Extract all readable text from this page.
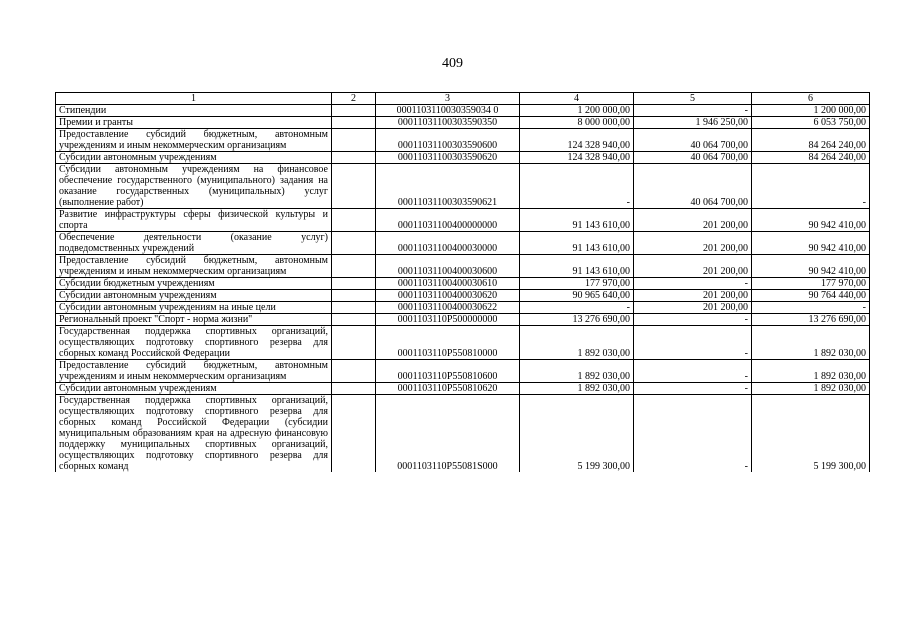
409
1	2	3	4	5	6
Стипендии		0001103110030359034 0	1 200 000,00	-	1 200 000,00
Премии и гранты		00011031100303590350	8 000 000,00	1 946 250,00	6 053 750,00
Предоставление субсидий бюджетным, автономным учреждениям и иным некоммерческим организациям		00011031100303590600	124 328 940,00	40 064 700,00	84 264 240,00
Субсидии автономным учреждениям		00011031100303590620	124 328 940,00	40 064 700,00	84 264 240,00
Субсидии автономным учреждениям на финансовое обеспечение государственного (муниципального) задания на оказание государственных (муниципальных) услуг (выполнение работ)		00011031100303590621	-	40 064 700,00	-
Развитие инфраструктуры сферы физической культуры и спорта		00011031100400000000	91 143 610,00	201 200,00	90 942 410,00
Обеспечение деятельности (оказание услуг) подведомственных учреждений		00011031100400030000	91 143 610,00	201 200,00	90 942 410,00
Предоставление субсидий бюджетным, автономным учреждениям и иным некоммерческим организациям		00011031100400030600	91 143 610,00	201 200,00	90 942 410,00
Субсидии бюджетным учреждениям		00011031100400030610	177 970,00	-	177 970,00
Субсидии автономным учреждениям		00011031100400030620	90 965 640,00	201 200,00	90 764 440,00
Субсидии автономным учреждениям на иные цели		00011031100400030622	-	201 200,00	-
Региональный проект "Спорт - норма жизни"		0001103110P500000000	13 276 690,00	-	13 276 690,00
Государственная поддержка спортивных организаций, осуществляющих подготовку спортивного резерва для сборных команд Российской Федерации		0001103110P550810000	1 892 030,00	-	1 892 030,00
Предоставление субсидий бюджетным, автономным учреждениям и иным некоммерческим организациям		0001103110P550810600	1 892 030,00	-	1 892 030,00
Субсидии автономным учреждениям		0001103110P550810620	1 892 030,00	-	1 892 030,00
Государственная поддержка спортивных организаций, осуществляющих подготовку спортивного резерва для сборных команд Российской Федерации (субсидии муниципальным образованиям края на адресную финансовую поддержку муниципальных спортивных организаций, осуществляющих подготовку спортивного резерва для сборных команд		0001103110P55081S000	5 199 300,00	-	5 199 300,00
